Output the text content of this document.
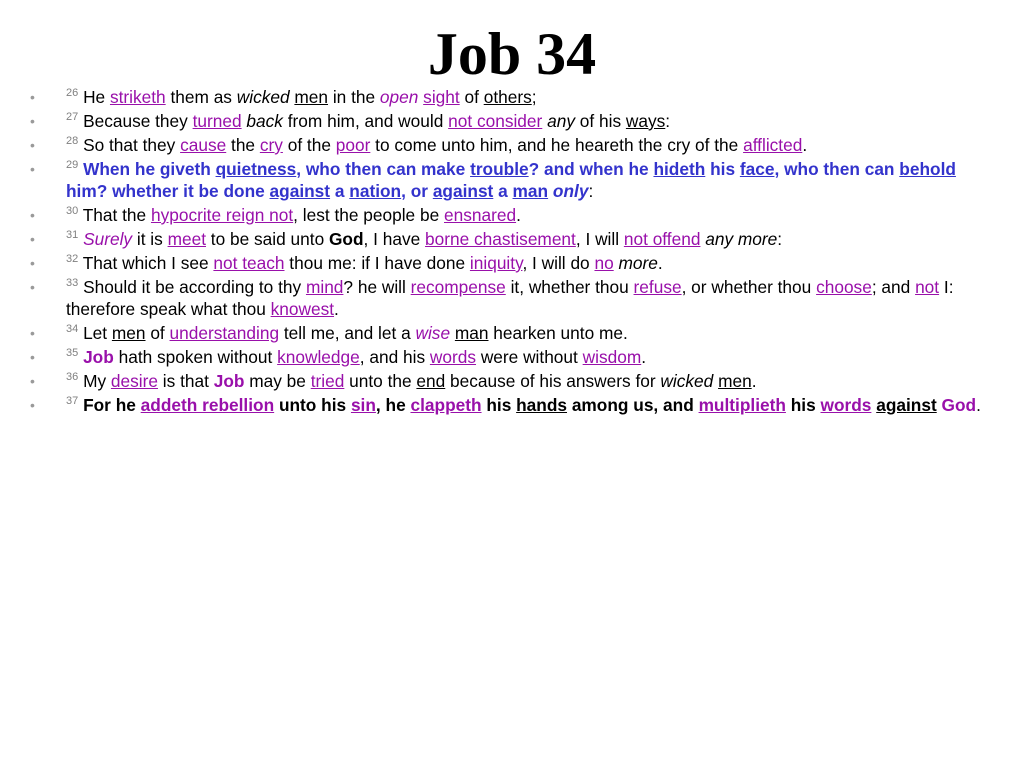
Job 34
•	$^{26}$ He striketh them as wicked men in the open sight of others;
•	$^{27}$ Because they turned back from him, and would not consider any of his ways:
•	$^{28}$ So that they cause the cry of the poor to come unto him, and he heareth the cry of the afflicted.
•	$^{29}$ When he giveth quietness, who then can make trouble? and when he hideth his face, who then can behold him? whether it be done against a nation, or against a man only:
•	$^{30}$ That the hypocrite reign not, lest the people be ensnared.
•	$^{31}$ Surely it is meet to be said unto God, I have borne chastisement, I will not offend any more:
•	$^{32}$ That which I see not teach thou me: if I have done iniquity, I will do no more.
•	$^{33}$ Should it be according to thy mind? he will recompense it, whether thou refuse, or whether thou choose; and not I: therefore speak what thou knowest.
•	$^{34}$ Let men of understanding tell me, and let a wise man hearken unto me.
•	$^{35}$ Job hath spoken without knowledge, and his words were without wisdom.
•	$^{36}$ My desire is that Job may be tried unto the end because of his answers for wicked men.
•	$^{37}$ For he addeth rebellion unto his sin, he clappeth his hands among us, and multiplieth his words against God.
